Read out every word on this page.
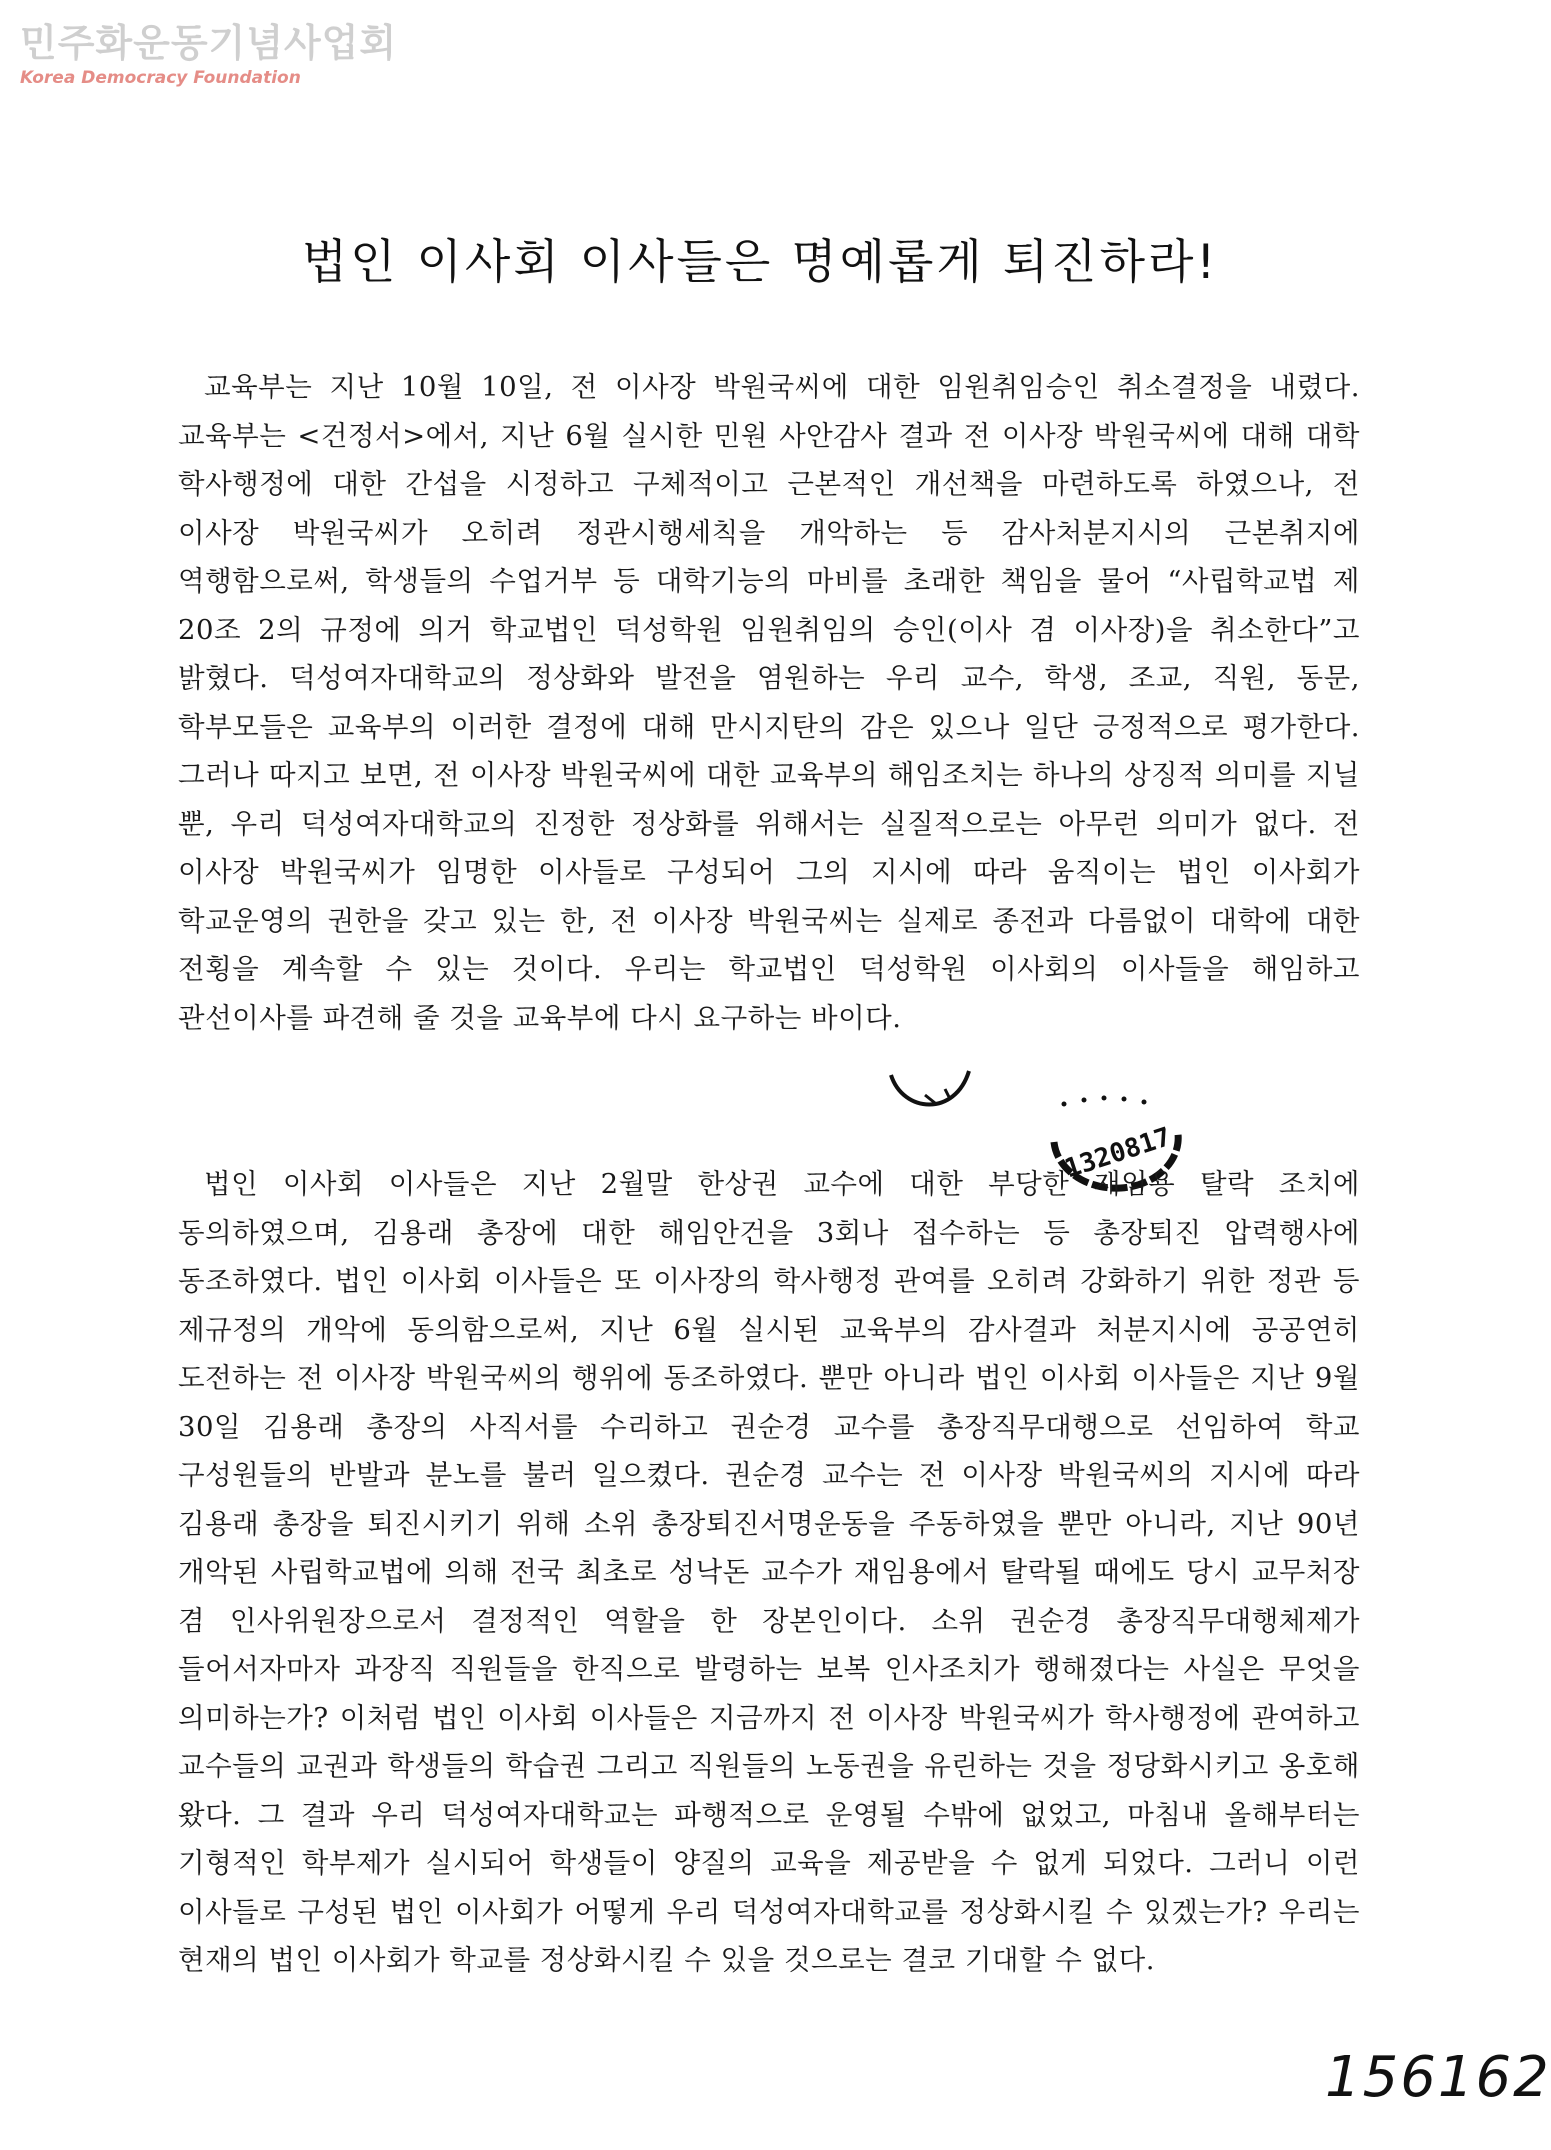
민주화운동기념사업회
Korea Democracy Foundation
법인 이사회 이사들은 명예롭게 퇴진하라!
교육부는 지난 10월 10일, 전 이사장 박원국씨에 대한 임원취임승인 취소결정을 내렸다. 교육부는 <건정서>에서, 지난 6월 실시한 민원 사안감사 결과 전 이사장 박원국씨에 대해 대학 학사행정에 대한 간섭을 시정하고 구체적이고 근본적인 개선책을 마련하도록 하였으나, 전 이사장 박원국씨가 오히려 정관시행세칙을 개악하는 등 감사처분지시의 근본취지에 역행함으로써, 학생들의 수업거부 등 대학기능의 마비를 초래한 책임을 물어 “사립학교법 제 20조 2의 규정에 의거 학교법인 덕성학원 임원취임의 승인(이사 겸 이사장)을 취소한다”고 밝혔다. 덕성여자대학교의 정상화와 발전을 염원하는 우리 교수, 학생, 조교, 직원, 동문, 학부모들은 교육부의 이러한 결정에 대해 만시지탄의 감은 있으나 일단 긍정적으로 평가한다. 그러나 따지고 보면, 전 이사장 박원국씨에 대한 교육부의 해임조치는 하나의 상징적 의미를 지닐 뿐, 우리 덕성여자대학교의 진정한 정상화를 위해서는 실질적으로는 아무런 의미가 없다. 전 이사장 박원국씨가 임명한 이사들로 구성되어 그의 지시에 따라 움직이는 법인 이사회가 학교운영의 권한을 갖고 있는 한, 전 이사장 박원국씨는 실제로 종전과 다름없이 대학에 대한 전횡을 계속할 수 있는 것이다. 우리는 학교법인 덕성학원 이사회의 이사들을 해임하고 관선이사를 파견해 줄 것을 교육부에 다시 요구하는 바이다.
1320817
법인 이사회 이사들은 지난 2월말 한상권 교수에 대한 부당한 재임용 탈락 조치에 동의하였으며, 김용래 총장에 대한 해임안건을 3회나 접수하는 등 총장퇴진 압력행사에 동조하였다. 법인 이사회 이사들은 또 이사장의 학사행정 관여를 오히려 강화하기 위한 정관 등 제규정의 개악에 동의함으로써, 지난 6월 실시된 교육부의 감사결과 처분지시에 공공연히 도전하는 전 이사장 박원국씨의 행위에 동조하였다. 뿐만 아니라 법인 이사회 이사들은 지난 9월 30일 김용래 총장의 사직서를 수리하고 권순경 교수를 총장직무대행으로 선임하여 학교 구성원들의 반발과 분노를 불러 일으켰다. 권순경 교수는 전 이사장 박원국씨의 지시에 따라 김용래 총장을 퇴진시키기 위해 소위 총장퇴진서명운동을 주동하였을 뿐만 아니라, 지난 90년 개악된 사립학교법에 의해 전국 최초로 성낙돈 교수가 재임용에서 탈락될 때에도 당시 교무처장 겸 인사위원장으로서 결정적인 역할을 한 장본인이다. 소위 권순경 총장직무대행체제가 들어서자마자 과장직 직원들을 한직으로 발령하는 보복 인사조치가 행해졌다는 사실은 무엇을 의미하는가? 이처럼 법인 이사회 이사들은 지금까지 전 이사장 박원국씨가 학사행정에 관여하고 교수들의 교권과 학생들의 학습권 그리고 직원들의 노동권을 유린하는 것을 정당화시키고 옹호해 왔다. 그 결과 우리 덕성여자대학교는 파행적으로 운영될 수밖에 없었고, 마침내 올해부터는 기형적인 학부제가 실시되어 학생들이 양질의 교육을 제공받을 수 없게 되었다. 그러니 이런 이사들로 구성된 법인 이사회가 어떻게 우리 덕성여자대학교를 정상화시킬 수 있겠는가? 우리는 현재의 법인 이사회가 학교를 정상화시킬 수 있을 것으로는 결코 기대할 수 없다.
156162
